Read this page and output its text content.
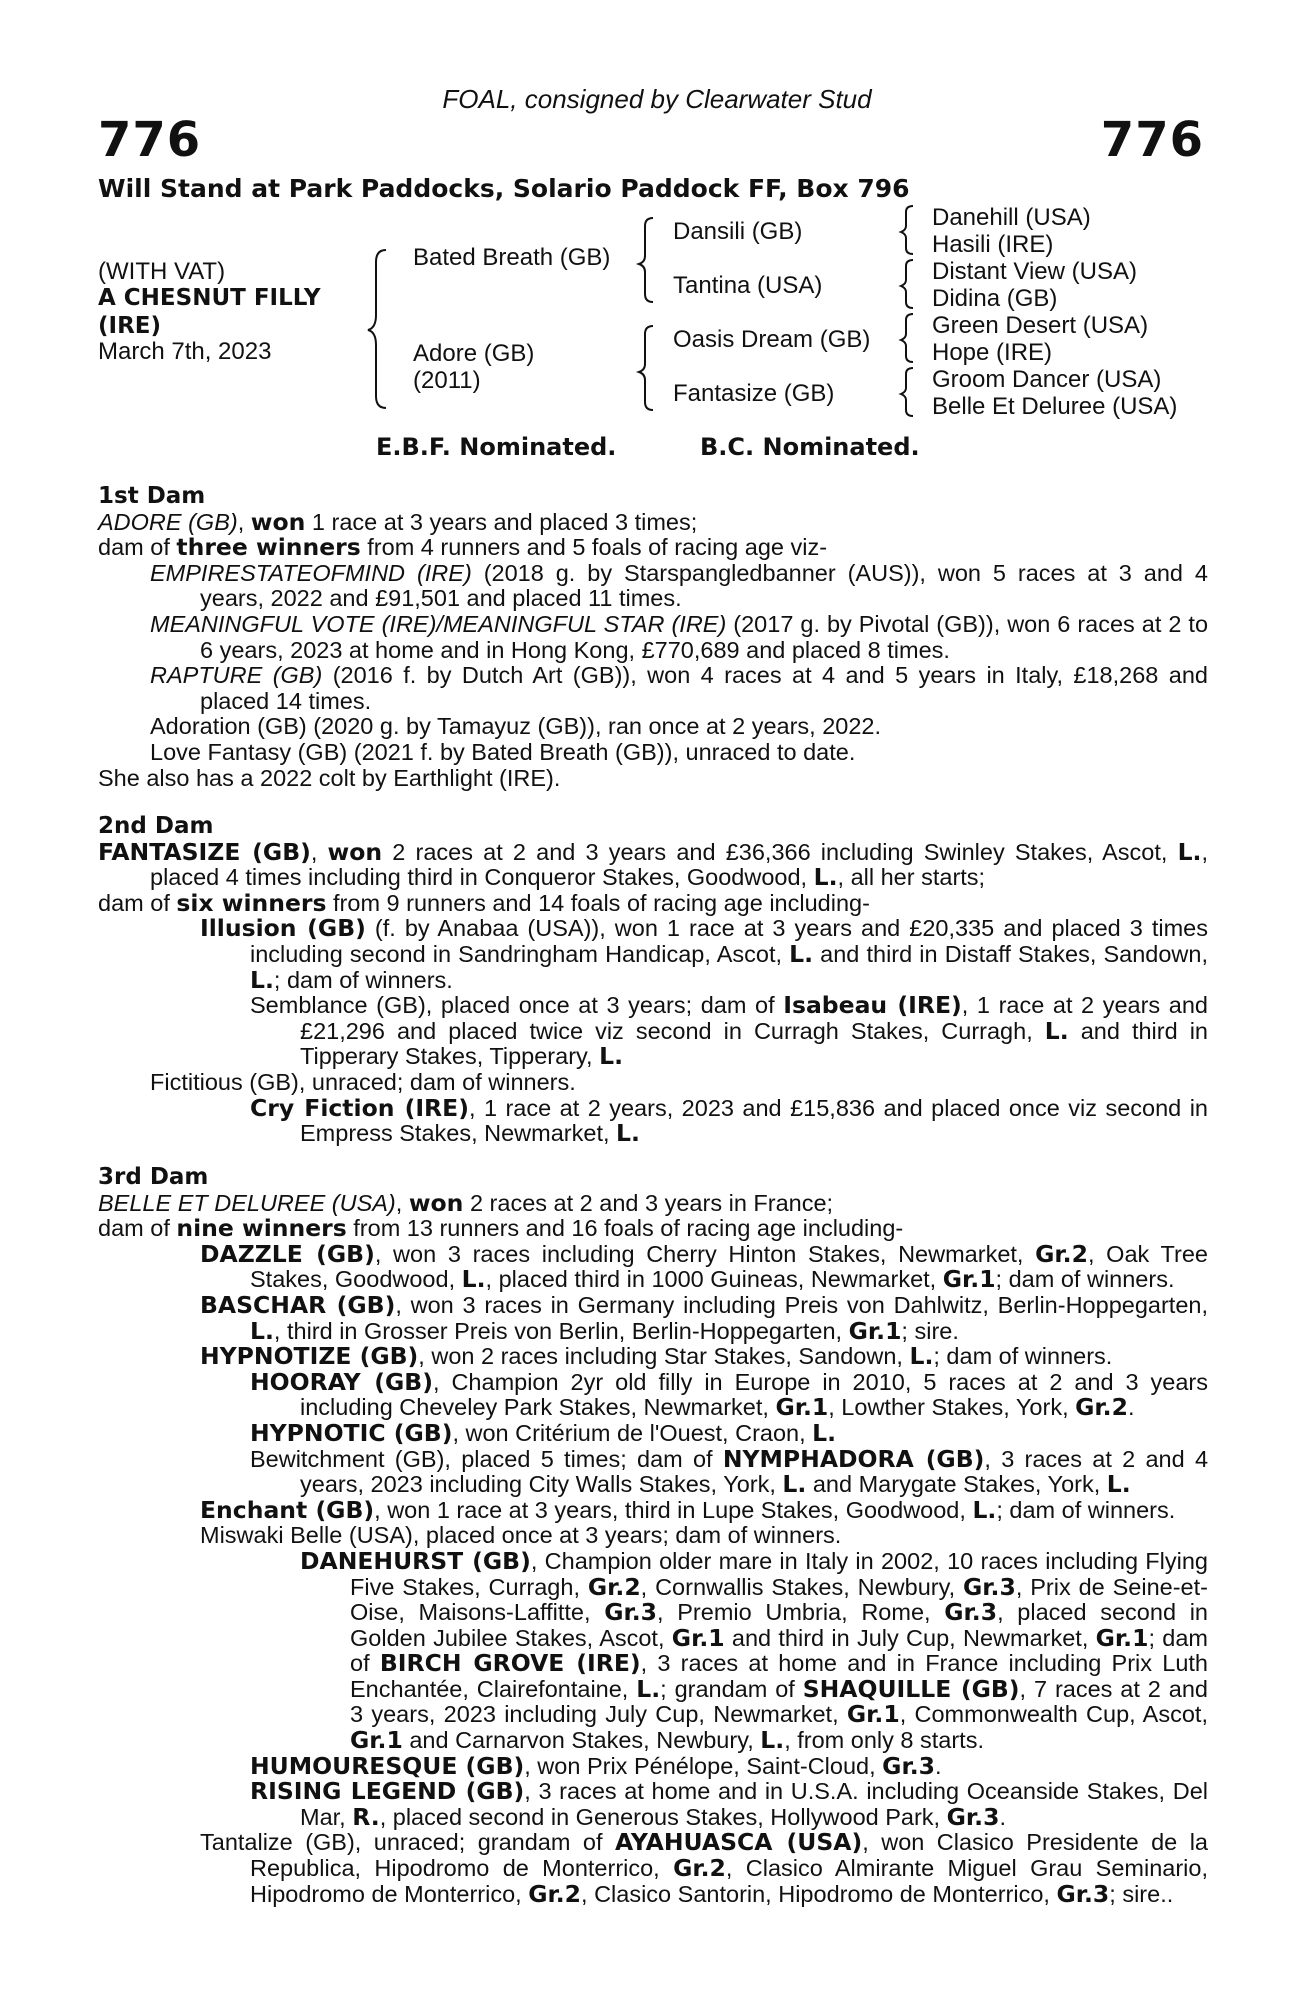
FOAL, consigned by Clearwater Stud
776	776
Will Stand at Park Paddocks, Solario Paddock FF, Box 796
(WITH VAT)
A CHESNUT FILLY
(IRE)
March 7th, 2023
Bated Breath (GB)
Adore (GB)
(2011)
Dansili (GB)
Tantina (USA)
Oasis Dream (GB)
Fantasize (GB)
Danehill (USA)
Hasili (IRE)
Distant View (USA)
Didina (GB)
Green Desert (USA)
Hope (IRE)
Groom Dancer (USA)
Belle Et Deluree (USA)
E.B.F. Nominated.	B.C. Nominated.
1st Dam
ADORE (GB), won 1 race at 3 years and placed 3 times;
dam of three winners from 4 runners and 5 foals of racing age viz-
EMPIRESTATEOFMIND (IRE) (2018 g. by Starspangledbanner (AUS)), won 5 races at 3 and 4 years, 2022 and £91,501 and placed 11 times.
MEANINGFUL VOTE (IRE)/MEANINGFUL STAR (IRE) (2017 g. by Pivotal (GB)), won 6 races at 2 to 6 years, 2023 at home and in Hong Kong, £770,689 and placed 8 times.
RAPTURE (GB) (2016 f. by Dutch Art (GB)), won 4 races at 4 and 5 years in Italy, £18,268 and placed 14 times.
Adoration (GB) (2020 g. by Tamayuz (GB)), ran once at 2 years, 2022.
Love Fantasy (GB) (2021 f. by Bated Breath (GB)), unraced to date.
She also has a 2022 colt by Earthlight (IRE).
2nd Dam
FANTASIZE (GB), won 2 races at 2 and 3 years and £36,366 including Swinley Stakes, Ascot, L., placed 4 times including third in Conqueror Stakes, Goodwood, L., all her starts;
dam of six winners from 9 runners and 14 foals of racing age including-
Illusion (GB) (f. by Anabaa (USA)), won 1 race at 3 years and £20,335 and placed 3 times including second in Sandringham Handicap, Ascot, L. and third in Distaff Stakes, Sandown, L.; dam of winners.
Semblance (GB), placed once at 3 years; dam of Isabeau (IRE), 1 race at 2 years and £21,296 and placed twice viz second in Curragh Stakes, Curragh, L. and third in Tipperary Stakes, Tipperary, L.
Fictitious (GB), unraced; dam of winners.
Cry Fiction (IRE), 1 race at 2 years, 2023 and £15,836 and placed once viz second in Empress Stakes, Newmarket, L.
3rd Dam
BELLE ET DELUREE (USA), won 2 races at 2 and 3 years in France;
dam of nine winners from 13 runners and 16 foals of racing age including-
DAZZLE (GB), won 3 races including Cherry Hinton Stakes, Newmarket, Gr.2, Oak Tree Stakes, Goodwood, L., placed third in 1000 Guineas, Newmarket, Gr.1; dam of winners.
BASCHAR (GB), won 3 races in Germany including Preis von Dahlwitz, Berlin-Hoppegarten, L., third in Grosser Preis von Berlin, Berlin-Hoppegarten, Gr.1; sire.
HYPNOTIZE (GB), won 2 races including Star Stakes, Sandown, L.; dam of winners.
HOORAY (GB), Champion 2yr old filly in Europe in 2010, 5 races at 2 and 3 years including Cheveley Park Stakes, Newmarket, Gr.1, Lowther Stakes, York, Gr.2.
HYPNOTIC (GB), won Critérium de l'Ouest, Craon, L.
Bewitchment (GB), placed 5 times; dam of NYMPHADORA (GB), 3 races at 2 and 4 years, 2023 including City Walls Stakes, York, L. and Marygate Stakes, York, L.
Enchant (GB), won 1 race at 3 years, third in Lupe Stakes, Goodwood, L.; dam of winners.
Miswaki Belle (USA), placed once at 3 years; dam of winners.
DANEHURST (GB), Champion older mare in Italy in 2002, 10 races including Flying Five Stakes, Curragh, Gr.2, Cornwallis Stakes, Newbury, Gr.3, Prix de Seine-et-Oise, Maisons-Laffitte, Gr.3, Premio Umbria, Rome, Gr.3, placed second in Golden Jubilee Stakes, Ascot, Gr.1 and third in July Cup, Newmarket, Gr.1; dam of BIRCH GROVE (IRE), 3 races at home and in France including Prix Luth Enchantée, Clairefontaine, L.; grandam of SHAQUILLE (GB), 7 races at 2 and 3 years, 2023 including July Cup, Newmarket, Gr.1, Commonwealth Cup, Ascot, Gr.1 and Carnarvon Stakes, Newbury, L., from only 8 starts.
HUMOURESQUE (GB), won Prix Pénélope, Saint-Cloud, Gr.3.
RISING LEGEND (GB), 3 races at home and in U.S.A. including Oceanside Stakes, Del Mar, R., placed second in Generous Stakes, Hollywood Park, Gr.3.
Tantalize (GB), unraced; grandam of AYAHUASCA (USA), won Clasico Presidente de la Republica, Hipodromo de Monterrico, Gr.2, Clasico Almirante Miguel Grau Seminario, Hipodromo de Monterrico, Gr.2, Clasico Santorin, Hipodromo de Monterrico, Gr.3; sire..
